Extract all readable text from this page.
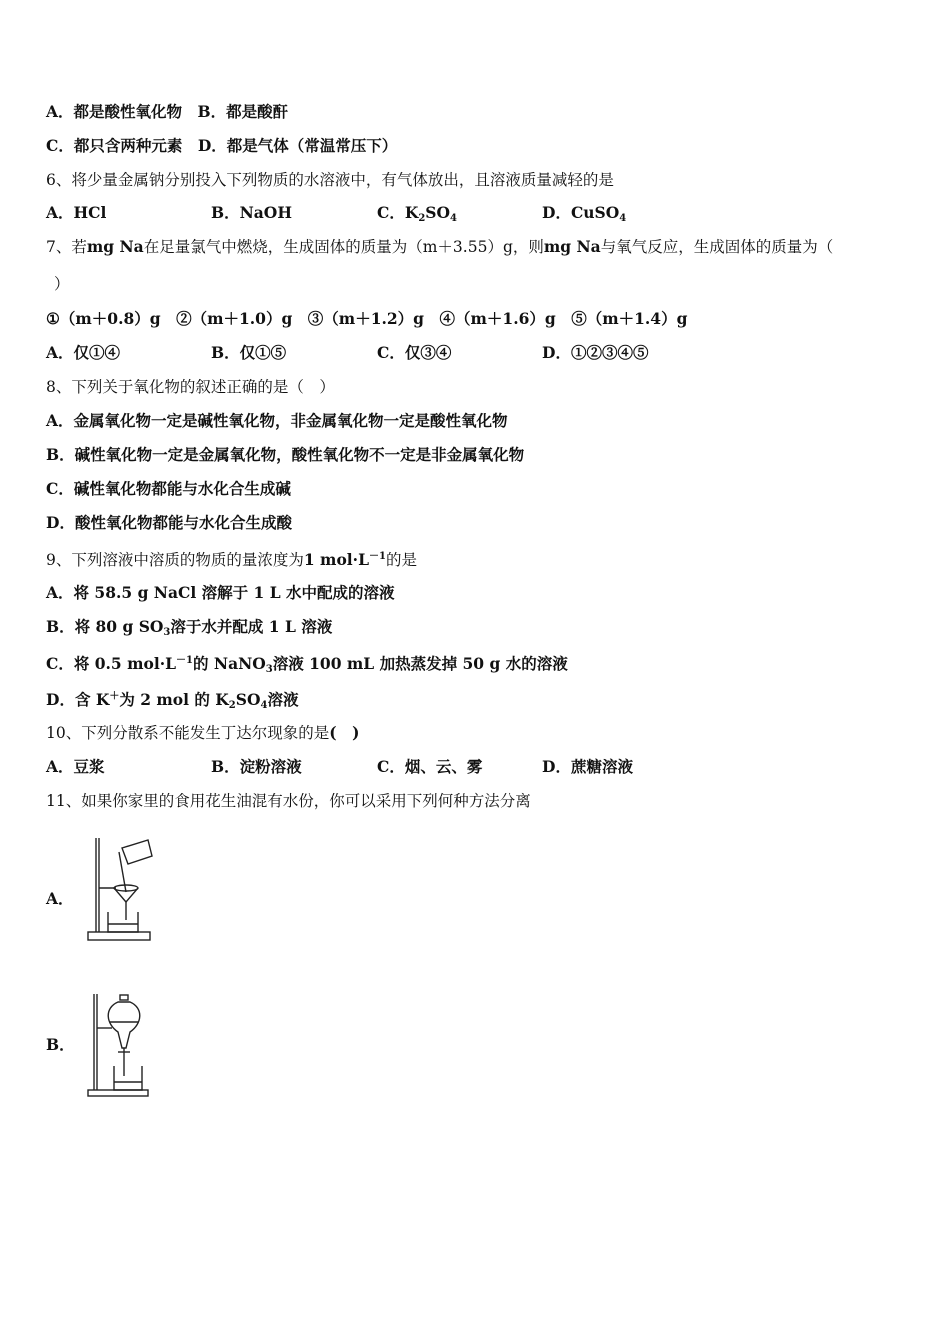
A．都是酸性氧化物　B．都是酸酐
C．都只含两种元素　D．都是气体（常温常压下）
6、将少量金属钠分别投入下列物质的水溶液中，有气体放出，且溶液质量减轻的是
A．HCl	B．NaOH	C．$K_2SO_4$	D．CuSO$_4$
7、若mg Na在足量氯气中燃烧，生成固体的质量为（m＋3.55）g，则mg Na与氧气反应，生成固体的质量为（
）
①（m＋0.8）g　②（m＋1.0）g　③（m＋1.2）g　④（m＋1.6）g　⑤（m＋1.4）g
A．仅①④	B．仅①⑤	C．仅③④	D．①②③④⑤
8、下列关于氧化物的叙述正确的是（　）
A．金属氧化物一定是碱性氧化物，非金属氧化物一定是酸性氧化物
B．碱性氧化物一定是金属氧化物，酸性氧化物不一定是非金属氧化物
C．碱性氧化物都能与水化合生成碱
D．酸性氧化物都能与水化合生成酸
9、下列溶液中溶质的物质的量浓度为1 $mol\cdot L^{-1}$的是
A．将 58.5 g NaCl 溶解于 1 L 水中配成的溶液
B．将 80 g $SO_3$溶于水并配成 1 L 溶液
C．将 0.5 $mol\cdot L^{-1}$的 NaNO$_3$溶液 100 mL 加热蒸发掉 50 g 水的溶液
D．含 K＋为 2 mol 的 $K_2SO_4$溶液
10、下列分散系不能发生丁达尔现象的是(　)
A．豆浆	B．淀粉溶液	C．烟、云、雾	D．蔗糖溶液
11、如果你家里的食用花生油混有水份，你可以采用下列何种方法分离
A．
B．
